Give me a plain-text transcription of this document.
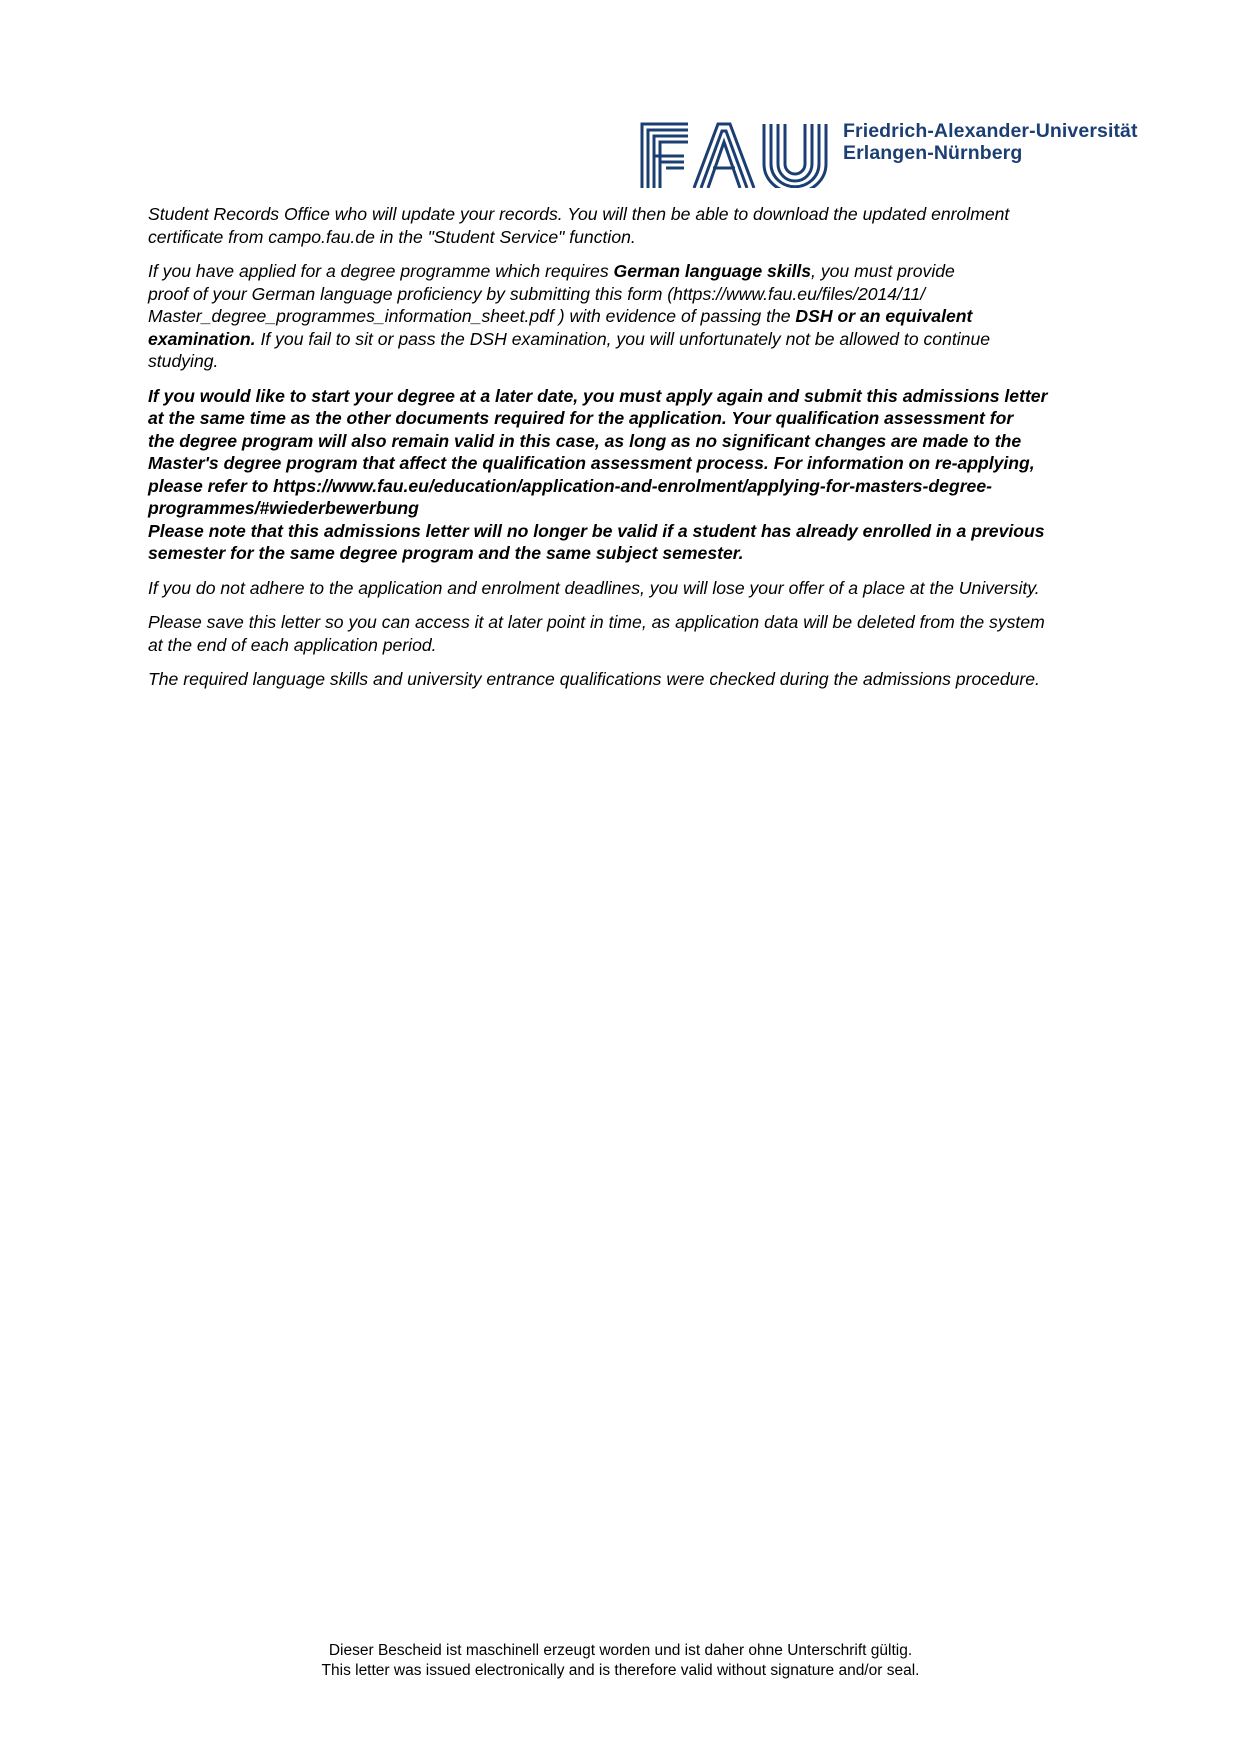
Friedrich-Alexander-Universität
Erlangen-Nürnberg

Student Records Office who will update your records. You will then be able to download the updated enrolment
certificate from campo.fau.de in the "Student Service" function.

If you have applied for a degree programme which requires German language skills, you must provide
proof of your German language proficiency by submitting this form (https://www.fau.eu/files/2014/11/
Master_degree_programmes_information_sheet.pdf ) with evidence of passing the DSH or an equivalent
examination. If you fail to sit or pass the DSH examination, you will unfortunately not be allowed to continue
studying.

If you would like to start your degree at a later date, you must apply again and submit this admissions letter
at the same time as the other documents required for the application. Your qualification assessment for
the degree program will also remain valid in this case, as long as no significant changes are made to the
Master's degree program that affect the qualification assessment process. For information on re-applying,
please refer to https://www.fau.eu/education/application-and-enrolment/applying-for-masters-degree-
programmes/#wiederbewerbung
Please note that this admissions letter will no longer be valid if a student has already enrolled in a previous
semester for the same degree program and the same subject semester.

If you do not adhere to the application and enrolment deadlines, you will lose your offer of a place at the University.

Please save this letter so you can access it at later point in time, as application data will be deleted from the system
at the end of each application period.

The required language skills and university entrance qualifications were checked during the admissions procedure.

Dieser Bescheid ist maschinell erzeugt worden und ist daher ohne Unterschrift gültig.
This letter was issued electronically and is therefore valid without signature and/or seal.
